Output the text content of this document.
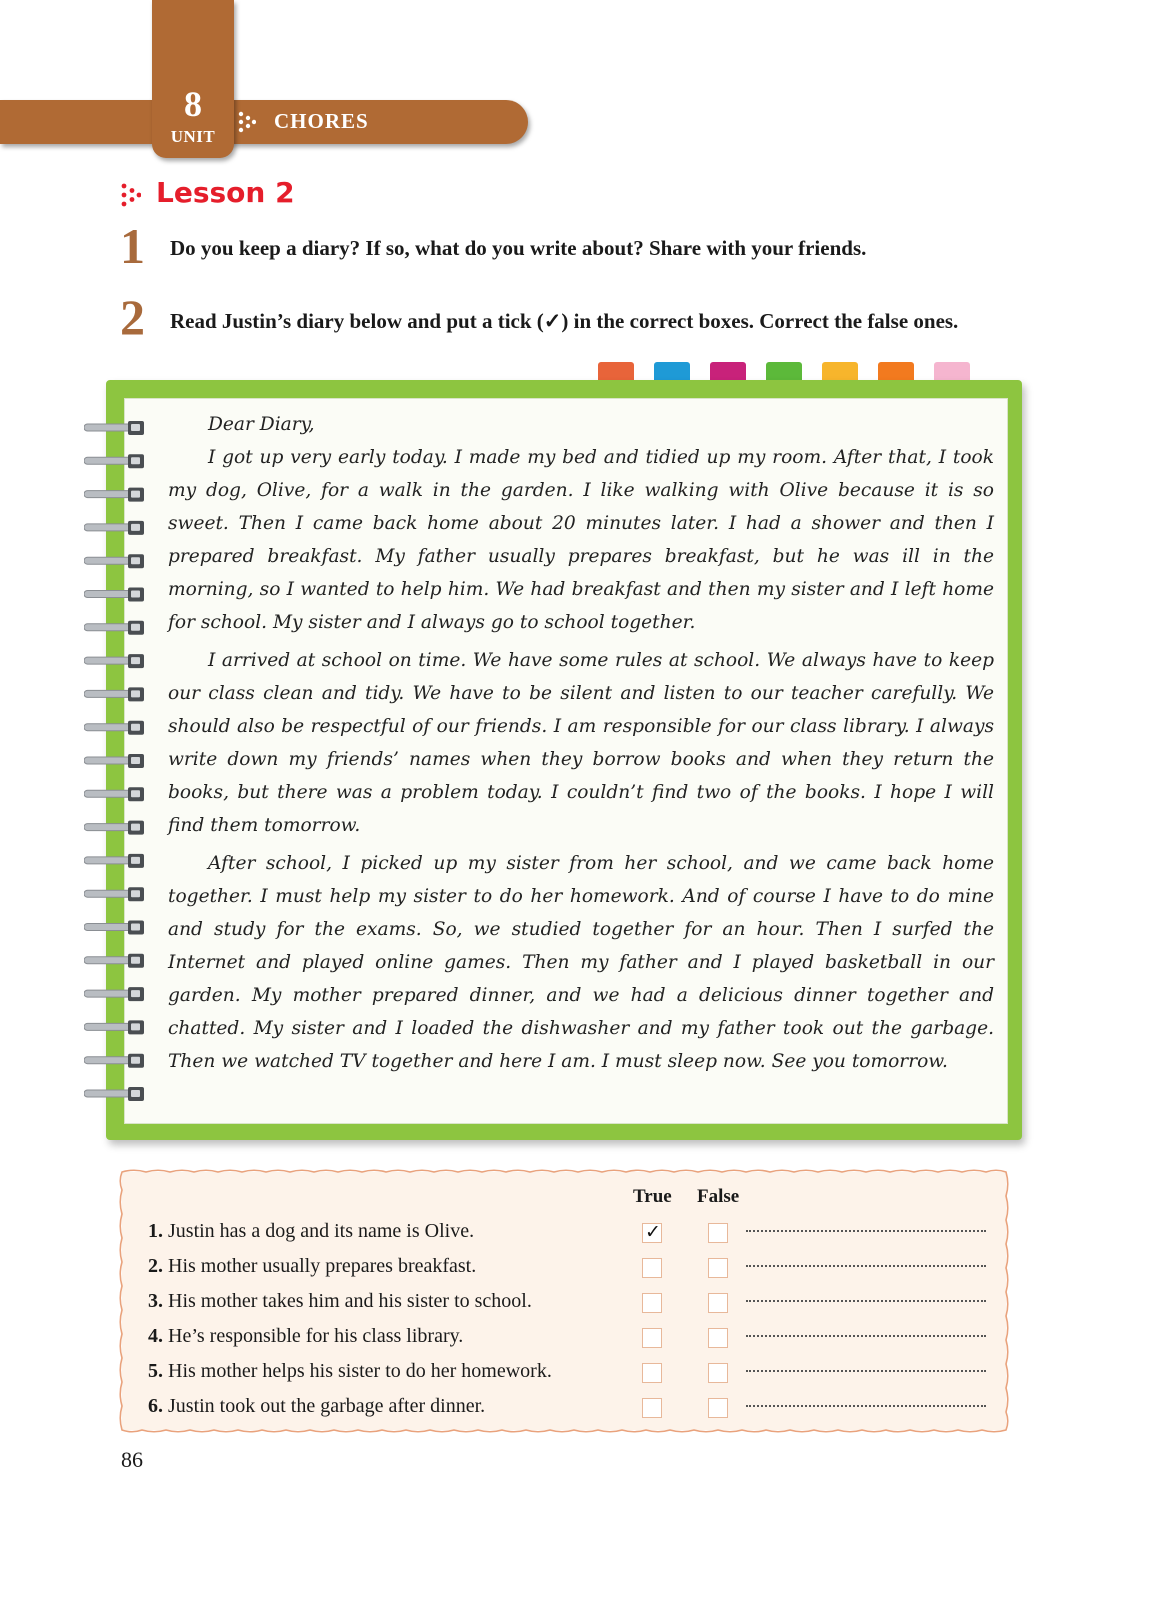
8
UNIT
CHORES
Lesson 2
1 Do you keep a diary? If so, what do you write about? Share with your friends.
2 Read Justin’s diary below and put a tick (✓) in the correct boxes. Correct the false ones.

Dear Diary,

I got up very early today. I made my bed and tidied up my room. After that, I took my dog, Olive, for a walk in the garden. I like walking with Olive because it is so sweet. Then I came back home about 20 minutes later. I had a shower and then I prepared breakfast. My father usually prepares breakfast, but he was ill in the morning, so I wanted to help him. We had breakfast and then my sister and I left home for school. My sister and I always go to school together.

I arrived at school on time. We have some rules at school. We always have to keep our class clean and tidy. We have to be silent and listen to our teacher carefully. We should also be respectful of our friends. I am responsible for our class library. I always write down my friends’ names when they borrow books and when they return the books, but there was a problem today. I couldn’t find two of the books. I hope I will find them tomorrow.

After school, I picked up my sister from her school, and we came back home together. I must help my sister to do her homework. And of course I have to do mine and study for the exams. So, we studied together for an hour. Then I surfed the Internet and played online games. Then my father and I played basketball in our garden. My mother prepared dinner, and we had a delicious dinner together and chatted. My sister and I loaded the dishwasher and my father took out the garbage. Then we watched TV together and here I am. I must sleep now. See you tomorrow.

True False
1. Justin has a dog and its name is Olive.	✓
2. His mother usually prepares breakfast.
3. His mother takes him and his sister to school.
4. He’s responsible for his class library.
5. His mother helps his sister to do her homework.
6. Justin took out the garbage after dinner.
86
